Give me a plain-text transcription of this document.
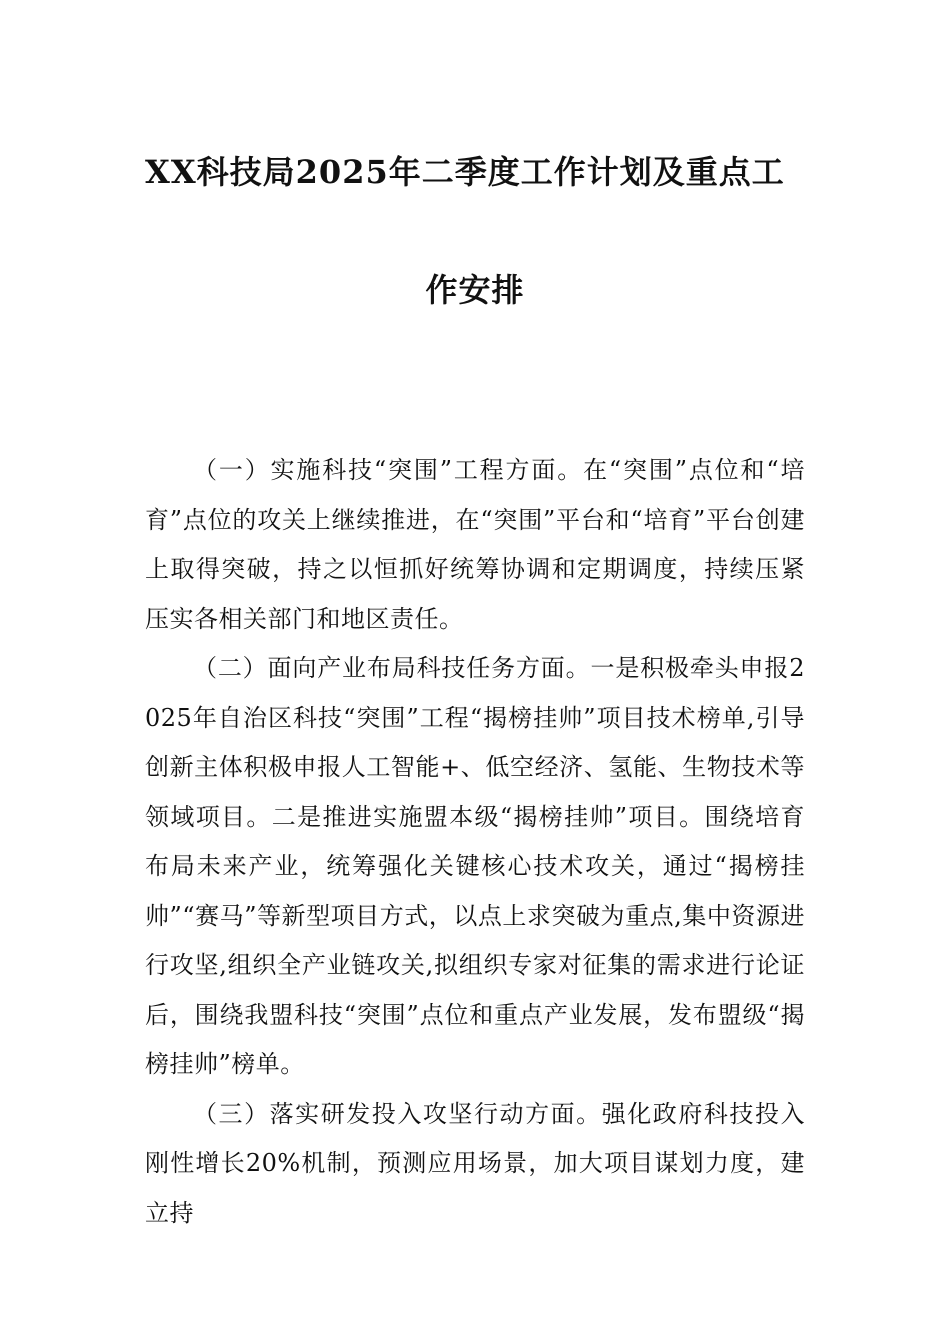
XX科技局2025年二季度工作计划及重点工
作安排

（一）实施科技“突围”工程方面。在“突围”点位和“培育”点位的攻关上继续推进，在“突围”平台和“培育”平台创建上取得突破，持之以恒抓好统筹协调和定期调度，持续压紧压实各相关部门和地区责任。

（二）面向产业布局科技任务方面。一是积极牵头申报2025年自治区科技“突围”工程“揭榜挂帅”项目技术榜单,引导创新主体积极申报人工智能+、低空经济、氢能、生物技术等领域项目。二是推进实施盟本级“揭榜挂帅”项目。围绕培育布局未来产业，统筹强化关键核心技术攻关，通过“揭榜挂帅”“赛马”等新型项目方式，以点上求突破为重点,集中资源进行攻坚,组织全产业链攻关,拟组织专家对征集的需求进行论证后，围绕我盟科技“突围”点位和重点产业发展，发布盟级“揭榜挂帅”榜单。

（三）落实研发投入攻坚行动方面。强化政府科技投入刚性增长20%机制，预测应用场景，加大项目谋划力度，建立持
